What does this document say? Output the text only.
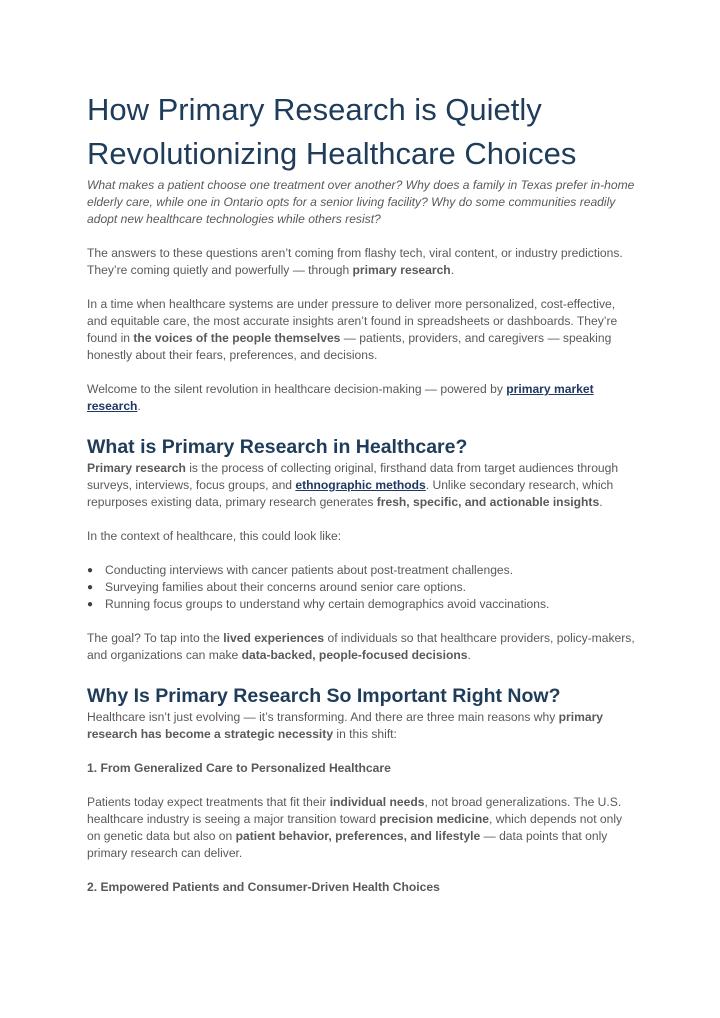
How Primary Research is Quietly Revolutionizing Healthcare Choices

What makes a patient choose one treatment over another? Why does a family in Texas prefer in-home elderly care, while one in Ontario opts for a senior living facility? Why do some communities readily adopt new healthcare technologies while others resist?

The answers to these questions aren’t coming from flashy tech, viral content, or industry predictions. They’re coming quietly and powerfully — through primary research.

In a time when healthcare systems are under pressure to deliver more personalized, cost-effective, and equitable care, the most accurate insights aren’t found in spreadsheets or dashboards. They’re found in the voices of the people themselves — patients, providers, and caregivers — speaking honestly about their fears, preferences, and decisions.

Welcome to the silent revolution in healthcare decision-making — powered by primary market research.

What is Primary Research in Healthcare?

Primary research is the process of collecting original, firsthand data from target audiences through surveys, interviews, focus groups, and ethnographic methods. Unlike secondary research, which repurposes existing data, primary research generates fresh, specific, and actionable insights.

In the context of healthcare, this could look like:

● Conducting interviews with cancer patients about post-treatment challenges.
● Surveying families about their concerns around senior care options.
● Running focus groups to understand why certain demographics avoid vaccinations.

The goal? To tap into the lived experiences of individuals so that healthcare providers, policy-makers, and organizations can make data-backed, people-focused decisions.

Why Is Primary Research So Important Right Now?

Healthcare isn’t just evolving — it’s transforming. And there are three main reasons why primary research has become a strategic necessity in this shift:

1. From Generalized Care to Personalized Healthcare

Patients today expect treatments that fit their individual needs, not broad generalizations. The U.S. healthcare industry is seeing a major transition toward precision medicine, which depends not only on genetic data but also on patient behavior, preferences, and lifestyle — data points that only primary research can deliver.

2. Empowered Patients and Consumer-Driven Health Choices
